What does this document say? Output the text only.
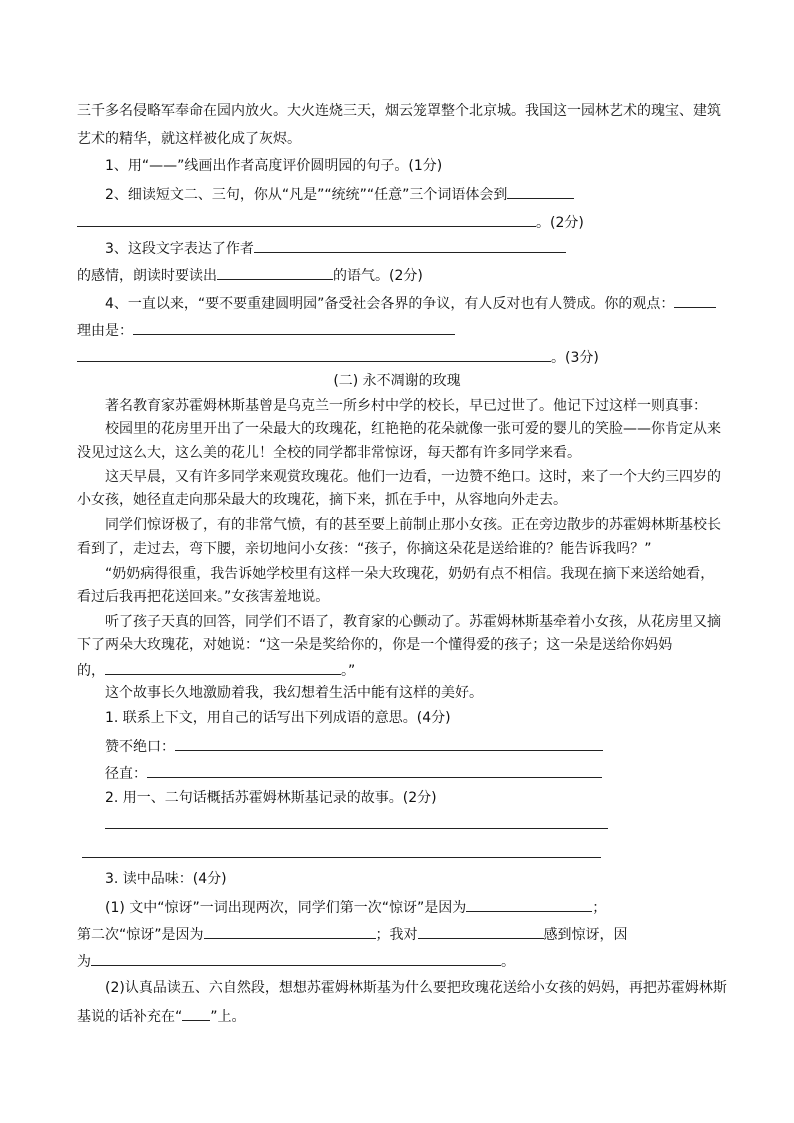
三千多名侵略军奉命在园内放火。大火连烧三天，烟云笼罩整个北京城。我国这一园林艺术的瑰宝、建筑
艺术的精华，就这样被化成了灰烬。
1、用“——”线画出作者高度评价圆明园的句子。(1分)
2、细读短文二、三句，你从“凡是”“统统”“任意”三个词语体会到
。(2分)
3、这段文字表达了作者
的感情，朗读时要读出	的语气。(2分)
4、一直以来，“要不要重建圆明园”备受社会各界的争议，有人反对也有人赞成。你的观点：
理由是：
。(3分)
(二) 永不凋谢的玫瑰
著名教育家苏霍姆林斯基曾是乌克兰一所乡村中学的校长，早已过世了。他记下过这样一则真事：
校园里的花房里开出了一朵最大的玫瑰花，红艳艳的花朵就像一张可爱的婴儿的笑脸——你肯定从来
没见过这么大，这么美的花儿！全校的同学都非常惊讶，每天都有许多同学来看。
这天早晨，又有许多同学来观赏玫瑰花。他们一边看，一边赞不绝口。这时，来了一个大约三四岁的
小女孩，她径直走向那朵最大的玫瑰花，摘下来，抓在手中，从容地向外走去。
同学们惊讶极了，有的非常气愤，有的甚至要上前制止那小女孩。正在旁边散步的苏霍姆林斯基校长
看到了，走过去，弯下腰，亲切地问小女孩：“孩子，你摘这朵花是送给谁的？能告诉我吗？”
“奶奶病得很重，我告诉她学校里有这样一朵大玫瑰花，奶奶有点不相信。我现在摘下来送给她看，
看过后我再把花送回来。”女孩害羞地说。
听了孩子天真的回答，同学们不语了，教育家的心颤动了。苏霍姆林斯基牵着小女孩，从花房里又摘
下了两朵大玫瑰花，对她说：“这一朵是奖给你的，你是一个懂得爱的孩子；这一朵是送给你妈妈
的，	。”
这个故事长久地激励着我，我幻想着生活中能有这样的美好。
1. 联系上下文，用自己的话写出下列成语的意思。(4分)
赞不绝口：
径直：
2. 用一、二句话概括苏霍姆林斯基记录的故事。(2分)
3. 读中品味：(4分)
(1) 文中“惊讶”一词出现两次，同学们第一次“惊讶”是因为	；
第二次“惊讶”是因为	；我对	感到惊讶，因
为	。
(2)认真品读五、六自然段，想想苏霍姆林斯基为什么要把玫瑰花送给小女孩的妈妈，再把苏霍姆林斯
基说的话补充在“ ”上。
